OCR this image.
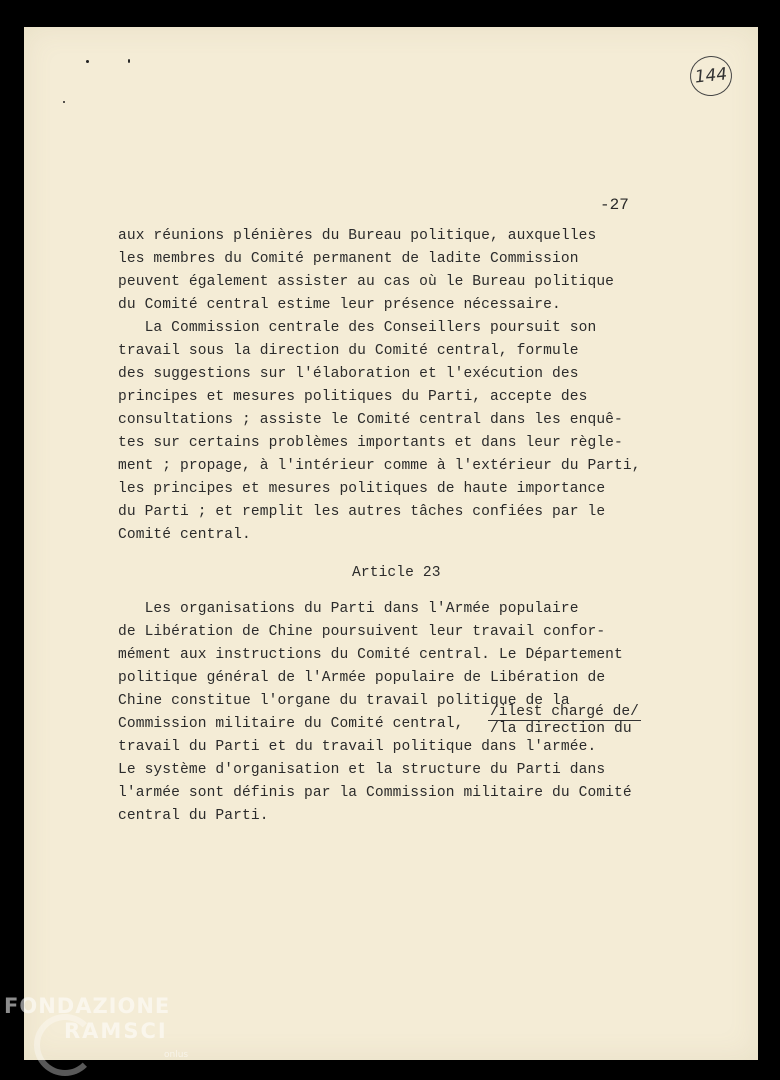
144
-27
aux réunions plénières du Bureau politique, auxquelles
les membres du Comité permanent de ladite Commission
peuvent également assister au cas où le Bureau politique
du Comité central estime leur présence nécessaire.
La Commission centrale des Conseillers poursuit son
travail sous la direction du Comité central, formule
des suggestions sur l'élaboration et l'exécution des
principes et mesures politiques du Parti, accepte des
consultations ; assiste le Comité central dans les enquê-
tes sur certains problèmes importants et dans leur règle-
ment ; propage, à l'intérieur comme à l'extérieur du Parti,
les principes et mesures politiques de haute importance
du Parti ; et remplit les autres tâches confiées par le
Comité central.
Article 23
Les organisations du Parti dans l'Armée populaire
de Libération de Chine poursuivent leur travail confor-
mément aux instructions du Comité central. Le Département
politique général de l'Armée populaire de Libération de
Chine constitue l'organe du travail politique de la
Commission militaire du Comité central,
/ilest chargé de/
/la direction du
travail du Parti et du travail politique dans l'armée.
Le système d'organisation et la structure du Parti dans
l'armée sont définis par la Commission militaire du Comité
central du Parti.
FONDAZIONE
RAMSCI
onlus
